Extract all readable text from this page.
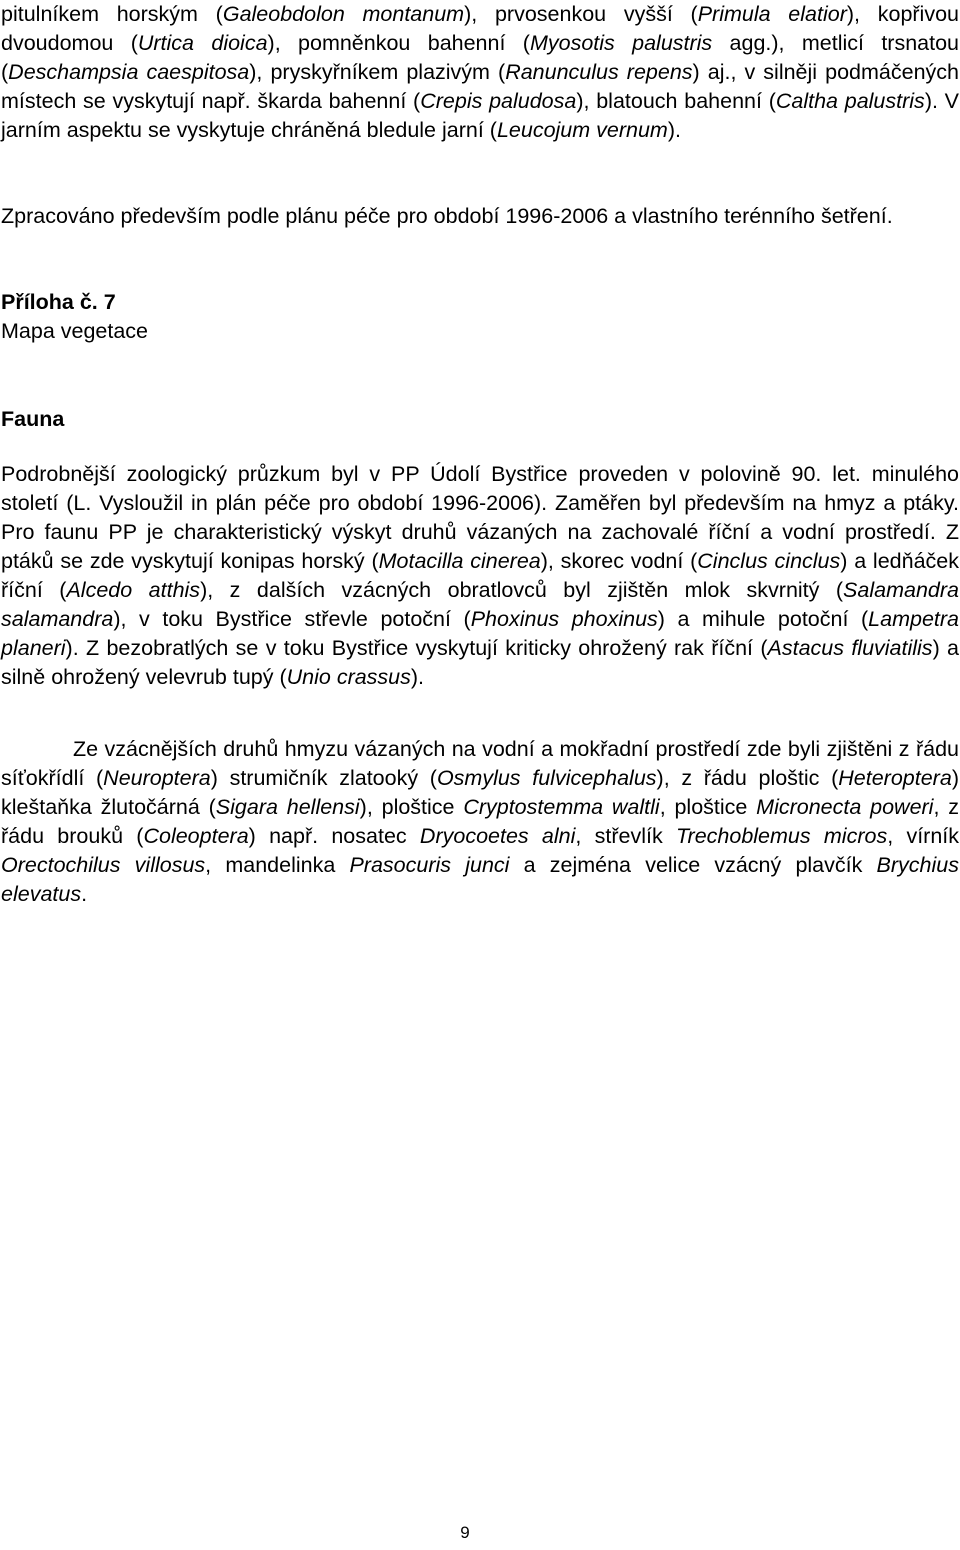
pitulníkem horským (Galeobdolon montanum), prvosenkou vyšší (Primula elatior), kopřivou dvoudomou (Urtica dioica), pomněnkou bahenní (Myosotis palustris agg.), metlicí trsnatou (Deschampsia caespitosa), pryskyřníkem plazivým (Ranunculus repens) aj., v silněji podmáčených místech se vyskytují např. škarda bahenní (Crepis paludosa), blatouch bahenní (Caltha palustris). V jarním aspektu se vyskytuje chráněná bledule jarní (Leucojum vernum).

Zpracováno především podle plánu péče pro období 1996-2006 a vlastního terénního šetření.

Příloha č. 7

Mapa vegetace

Fauna

Podrobnější zoologický průzkum byl v PP Údolí Bystřice proveden v polovině 90. let. minulého století (L. Vysloužil in plán péče pro období 1996-2006). Zaměřen byl především na hmyz a ptáky. Pro faunu PP je charakteristický výskyt druhů vázaných na zachovalé říční a vodní prostředí. Z ptáků se zde vyskytují konipas horský (Motacilla cinerea), skorec vodní (Cinclus cinclus) a ledňáček říční (Alcedo atthis), z dalších vzácných obratlovců byl zjištěn mlok skvrnitý (Salamandra salamandra), v toku Bystřice střevle potoční (Phoxinus phoxinus) a mihule potoční (Lampetra planeri). Z bezobratlých se v toku Bystřice vyskytují kriticky ohrožený rak říční (Astacus fluviatilis) a silně ohrožený velevrub tupý (Unio crassus).

Ze vzácnějších druhů hmyzu vázaných na vodní a mokřadní prostředí zde byli zjištěni z řádu síťokřídlí (Neuroptera) strumičník zlatooký (Osmylus fulvicephalus), z řádu ploštic (Heteroptera) kleštaňka žlutočárná (Sigara hellensi), ploštice Cryptostemma waltli, ploštice Micronecta poweri, z řádu brouků (Coleoptera) např. nosatec Dryocoetes alni, střevlík Trechoblemus micros, vírník Orectochilus villosus, mandelinka Prasocuris junci a zejména velice vzácný plavčík Brychius elevatus.

9
